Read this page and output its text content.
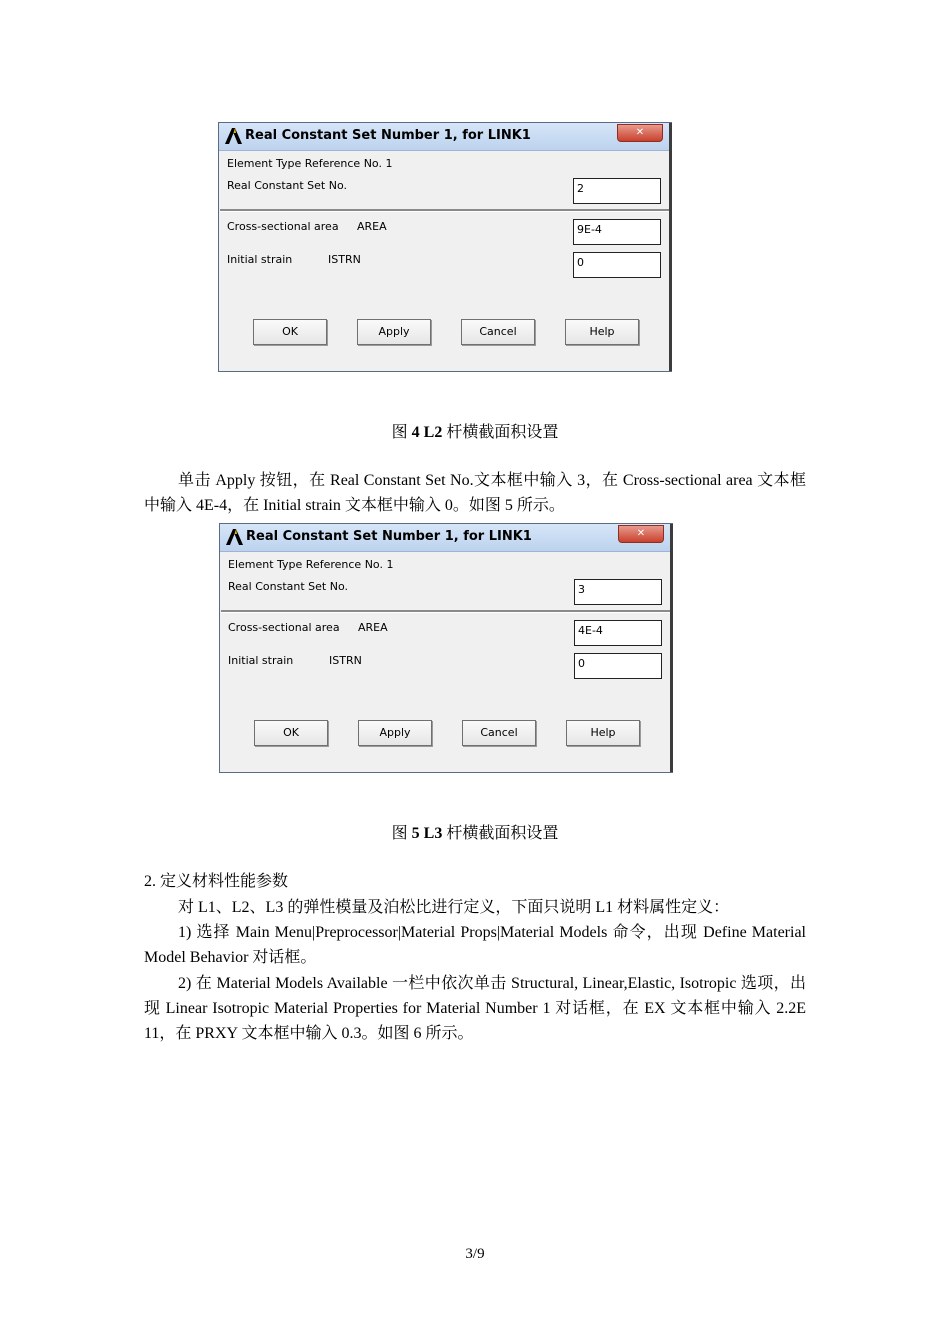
Real Constant Set Number 1, for LINK1	✕
Element Type Reference No. 1
Real Constant Set No.	2
Cross-sectional area AREA	9E-4
Initial strain	ISTRN	0
OK	Apply	Cancel	Help
图 4 L2 杆横截面积设置
单击 Apply 按钮，在 Real Constant Set No.文本框中输入 3，在 Cross-sectional area 文本框中输入 4E-4，在 Initial strain 文本框中输入 0。如图 5 所示。
Real Constant Set Number 1, for LINK1	✕
Element Type Reference No. 1
Real Constant Set No.	3
Cross-sectional area AREA	4E-4
Initial strain	ISTRN	0
OK	Apply	Cancel	Help
图 5 L3 杆横截面积设置
2. 定义材料性能参数
对 L1、L2、L3 的弹性模量及泊松比进行定义，下面只说明 L1 材料属性定义：
1) 选择 Main Menu|Preprocessor|Material Props|Material Models 命令，出现 Define Material Model Behavior 对话框。
2) 在 Material Models Available 一栏中依次单击 Structural, Linear,Elastic, Isotropic 选项，出现 Linear Isotropic Material Properties for Material Number 1 对话框，在 EX 文本框中输入 2.2E 11，在 PRXY 文本框中输入 0.3。如图 6 所示。
3/9
